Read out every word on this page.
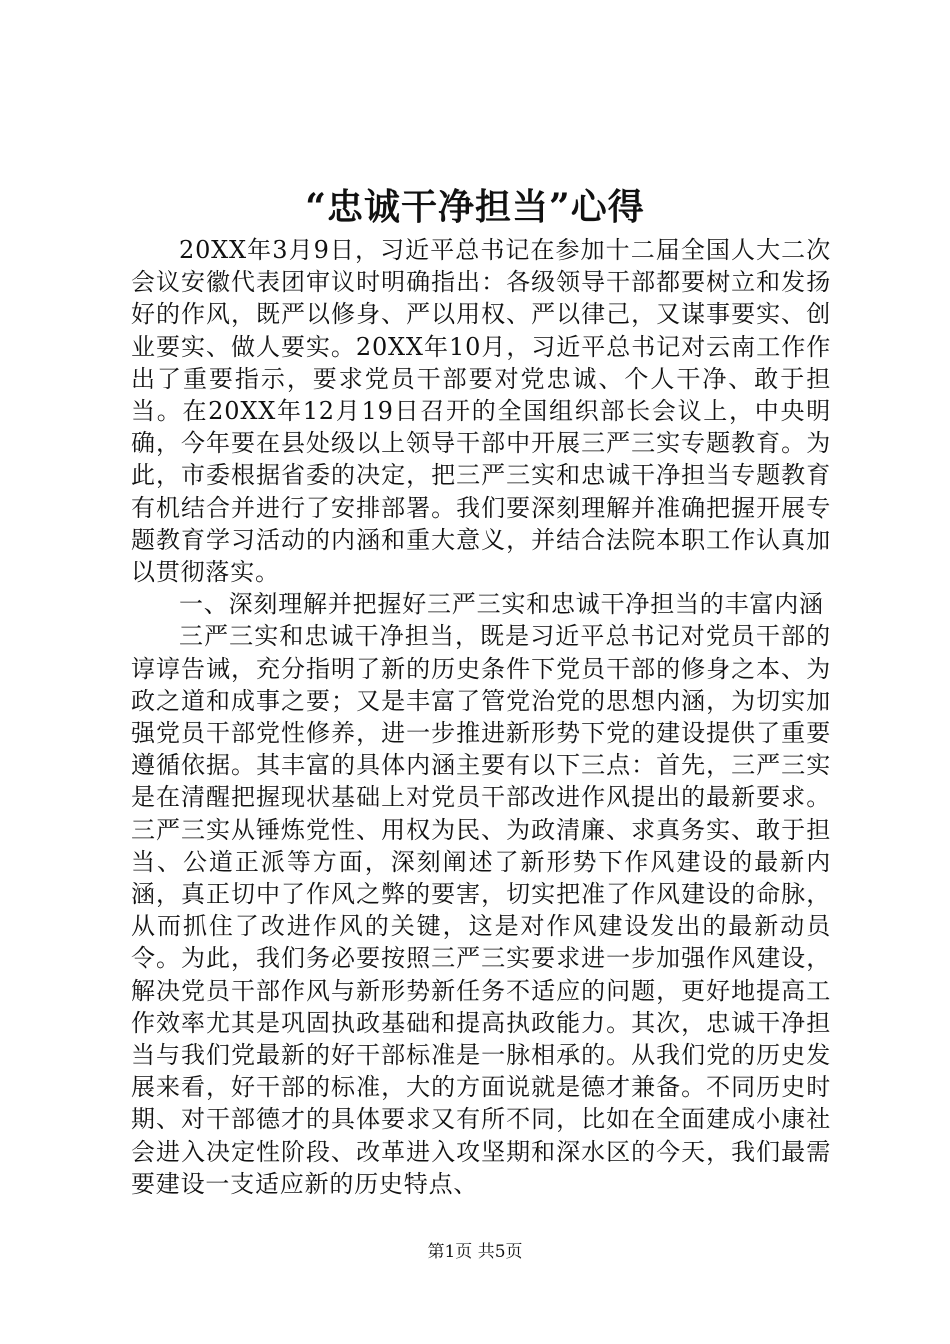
“忠诚干净担当”心得

20XX年3月9日，习近平总书记在参加十二届全国人大二次会议安徽代表团审议时明确指出：各级领导干部都要树立和发扬好的作风，既严以修身、严以用权、严以律己，又谋事要实、创业要实、做人要实。20XX年10月，习近平总书记对云南工作作出了重要指示，要求党员干部要对党忠诚、个人干净、敢于担当。在20XX年12月19日召开的全国组织部长会议上，中央明确，今年要在县处级以上领导干部中开展三严三实专题教育。为此，市委根据省委的决定，把三严三实和忠诚干净担当专题教育有机结合并进行了安排部署。我们要深刻理解并准确把握开展专题教育学习活动的内涵和重大意义，并结合法院本职工作认真加以贯彻落实。

一、深刻理解并把握好三严三实和忠诚干净担当的丰富内涵

三严三实和忠诚干净担当，既是习近平总书记对党员干部的谆谆告诫，充分指明了新的历史条件下党员干部的修身之本、为政之道和成事之要；又是丰富了管党治党的思想内涵，为切实加强党员干部党性修养，进一步推进新形势下党的建设提供了重要遵循依据。其丰富的具体内涵主要有以下三点：首先，三严三实是在清醒把握现状基础上对党员干部改进作风提出的最新要求。三严三实从锤炼党性、用权为民、为政清廉、求真务实、敢于担当、公道正派等方面，深刻阐述了新形势下作风建设的最新内涵，真正切中了作风之弊的要害，切实把准了作风建设的命脉，从而抓住了改进作风的关键，这是对作风建设发出的最新动员令。为此，我们务必要按照三严三实要求进一步加强作风建设，解决党员干部作风与新形势新任务不适应的问题，更好地提高工作效率尤其是巩固执政基础和提高执政能力。其次，忠诚干净担当与我们党最新的好干部标准是一脉相承的。从我们党的历史发展来看，好干部的标准，大的方面说就是德才兼备。不同历史时期、对干部德才的具体要求又有所不同，比如在全面建成小康社会进入决定性阶段、改革进入攻坚期和深水区的今天，我们最需要建设一支适应新的历史特点、

第1页 共5页
